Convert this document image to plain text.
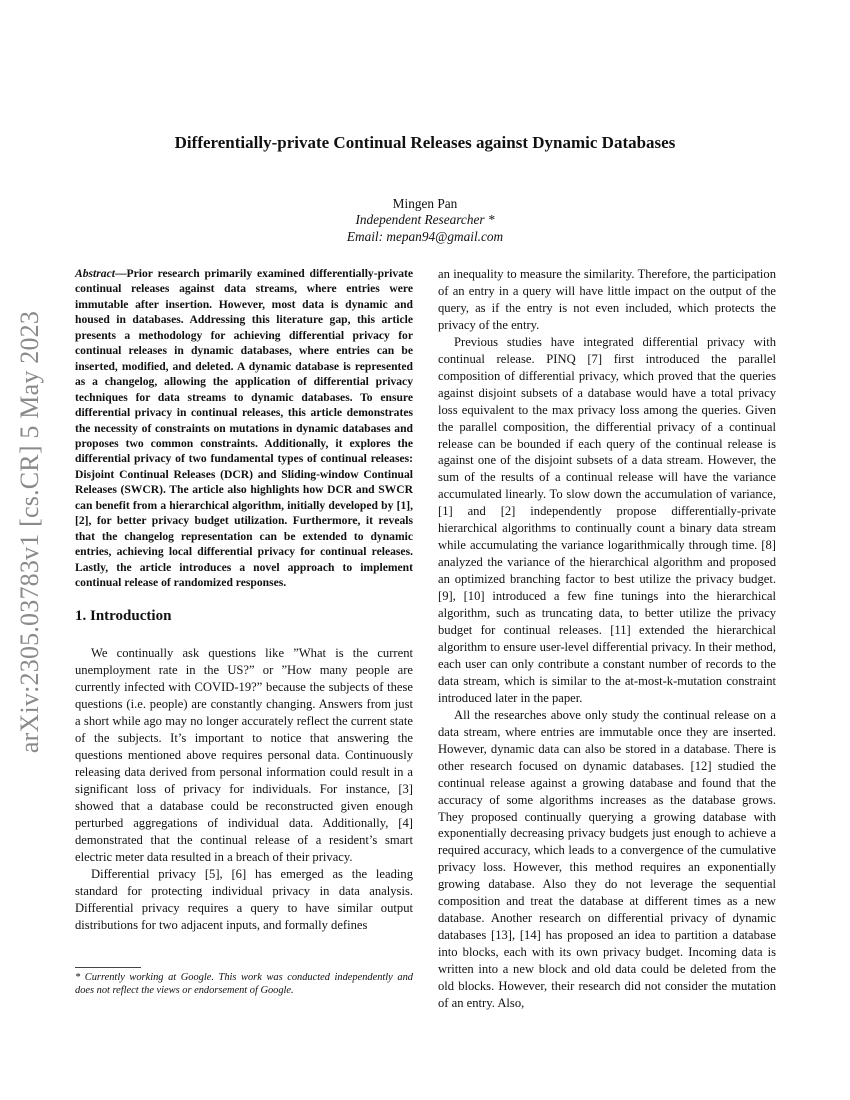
arXiv:2305.03783v1 [cs.CR] 5 May 2023
Differentially-private Continual Releases against Dynamic Databases
Mingen Pan
Independent Researcher *
Email: mepan94@gmail.com

Abstract—Prior research primarily examined differentially-private continual releases against data streams, where entries were immutable after insertion. However, most data is dynamic and housed in databases. Addressing this literature gap, this article presents a methodology for achieving differential privacy for continual releases in dynamic databases, where entries can be inserted, modified, and deleted. A dynamic database is represented as a changelog, allowing the application of differential privacy techniques for data streams to dynamic databases. To ensure differential privacy in continual releases, this article demonstrates the necessity of constraints on mutations in dynamic databases and proposes two common constraints. Additionally, it explores the differential privacy of two fundamental types of continual releases: Disjoint Continual Releases (DCR) and Sliding-window Continual Releases (SWCR). The article also highlights how DCR and SWCR can benefit from a hierarchical algorithm, initially developed by [1], [2], for better privacy budget utilization. Furthermore, it reveals that the changelog representation can be extended to dynamic entries, achieving local differential privacy for continual releases. Lastly, the article introduces a novel approach to implement continual release of randomized responses.

1. Introduction

We continually ask questions like ”What is the current unemployment rate in the US?” or ”How many people are currently infected with COVID-19?” because the subjects of these questions (i.e. people) are constantly changing. Answers from just a short while ago may no longer accurately reflect the current state of the subjects. It’s important to notice that answering the questions mentioned above requires personal data. Continuously releasing data derived from personal information could result in a significant loss of privacy for individuals. For instance, [3] showed that a database could be reconstructed given enough perturbed aggregations of individual data. Additionally, [4] demonstrated that the continual release of a resident’s smart electric meter data resulted in a breach of their privacy.

Differential privacy [5], [6] has emerged as the leading standard for protecting individual privacy in data analysis. Differential privacy requires a query to have similar output distributions for two adjacent inputs, and formally defines

* Currently working at Google. This work was conducted independently and does not reflect the views or endorsement of Google.

an inequality to measure the similarity. Therefore, the participation of an entry in a query will have little impact on the output of the query, as if the entry is not even included, which protects the privacy of the entry.

Previous studies have integrated differential privacy with continual release. PINQ [7] first introduced the parallel composition of differential privacy, which proved that the queries against disjoint subsets of a database would have a total privacy loss equivalent to the max privacy loss among the queries. Given the parallel composition, the differential privacy of a continual release can be bounded if each query of the continual release is against one of the disjoint subsets of a data stream. However, the sum of the results of a continual release will have the variance accumulated linearly. To slow down the accumulation of variance, [1] and [2] independently propose differentially-private hierarchical algorithms to continually count a binary data stream while accumulating the variance logarithmically through time. [8] analyzed the variance of the hierarchical algorithm and proposed an optimized branching factor to best utilize the privacy budget. [9], [10] introduced a few fine tunings into the hierarchical algorithm, such as truncating data, to better utilize the privacy budget for continual releases. [11] extended the hierarchical algorithm to ensure user-level differential privacy. In their method, each user can only contribute a constant number of records to the data stream, which is similar to the at-most-k-mutation constraint introduced later in the paper.

All the researches above only study the continual release on a data stream, where entries are immutable once they are inserted. However, dynamic data can also be stored in a database. There is other research focused on dynamic databases. [12] studied the continual release against a growing database and found that the accuracy of some algorithms increases as the database grows. They proposed continually querying a growing database with exponentially decreasing privacy budgets just enough to achieve a required accuracy, which leads to a convergence of the cumulative privacy loss. However, this method requires an exponentially growing database. Also they do not leverage the sequential composition and treat the database at different times as a new database. Another research on differential privacy of dynamic databases [13], [14] has proposed an idea to partition a database into blocks, each with its own privacy budget. Incoming data is written into a new block and old data could be deleted from the old blocks. However, their research did not consider the mutation of an entry. Also,
